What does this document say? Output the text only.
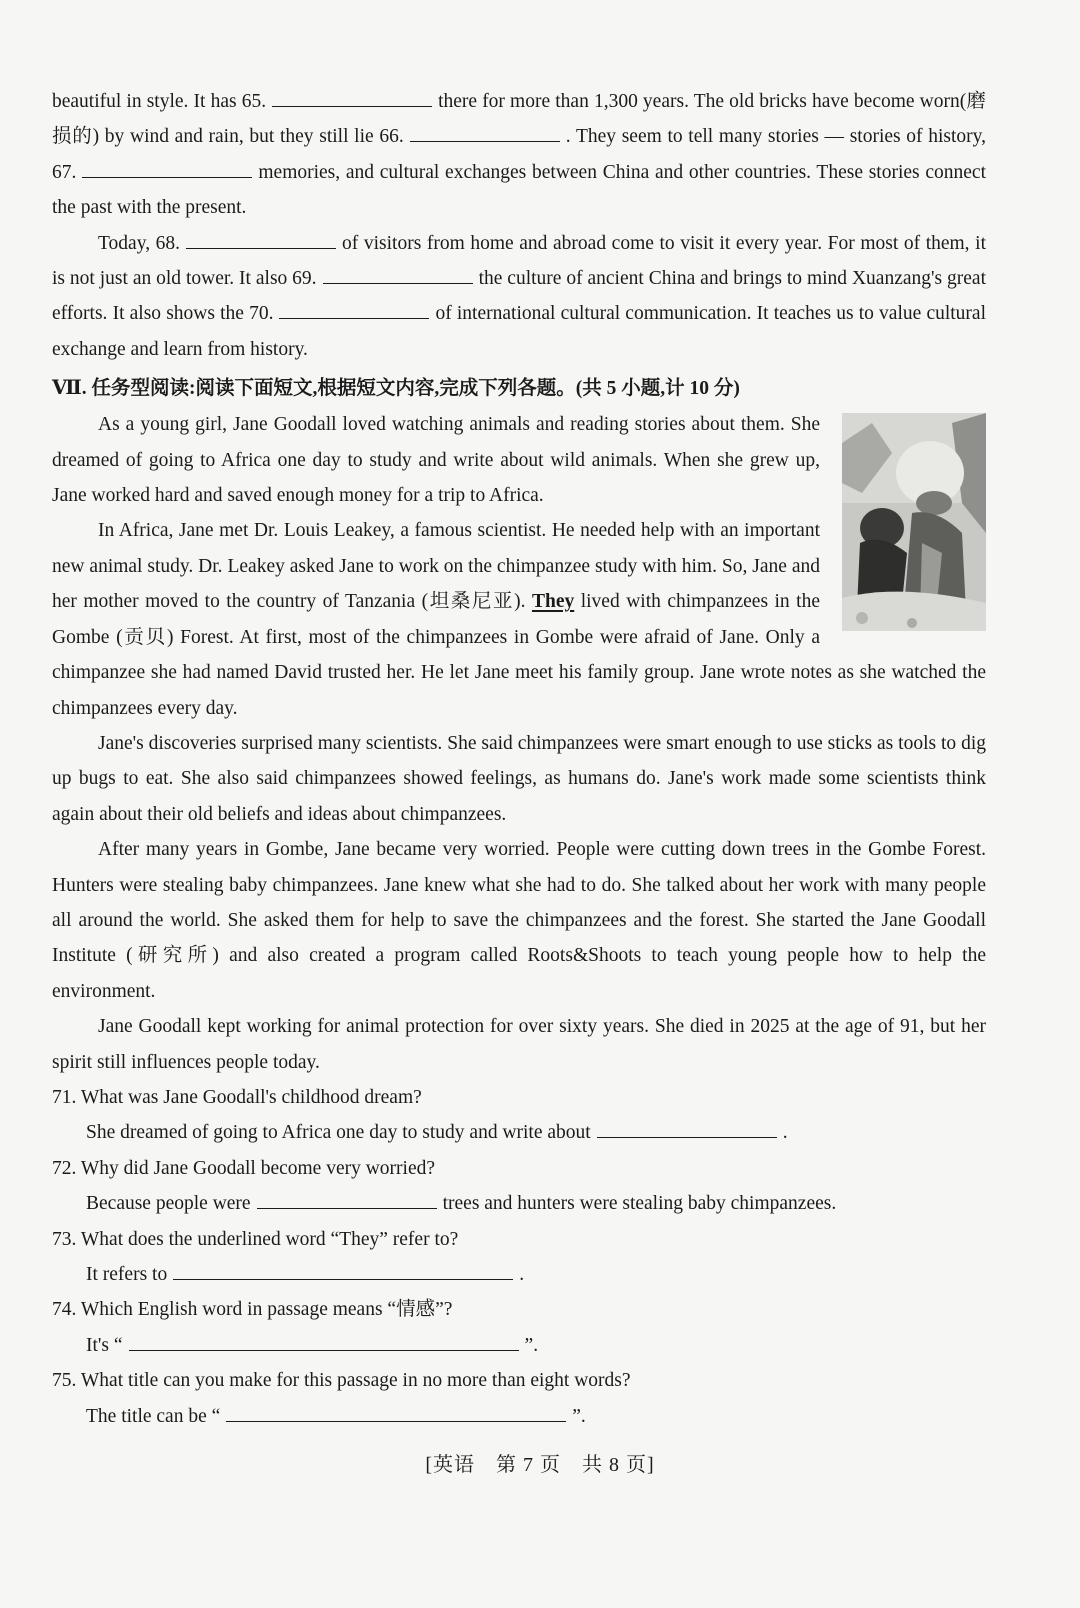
beautiful in style. It has 65.	there for more than 1,300 years. The old bricks have become worn(磨损的) by wind and rain, but they still lie 66.	. They seem to tell many stories — stories of history, 67.	memories, and cultural exchanges between China and other countries. These stories connect the past with the present.

Today, 68.	of visitors from home and abroad come to visit it every year. For most of them, it is not just an old tower. It also 69.	the culture of ancient China and brings to mind Xuanzang's great efforts. It also shows the 70.	of international cultural communication. It teaches us to value cultural exchange and learn from history.

Ⅶ. 任务型阅读:阅读下面短文,根据短文内容,完成下列各题。(共 5 小题,计 10 分)

As a young girl, Jane Goodall loved watching animals and reading stories about them. She dreamed of going to Africa one day to study and write about wild animals. When she grew up, Jane worked hard and saved enough money for a trip to Africa.

In Africa, Jane met Dr. Louis Leakey, a famous scientist. He needed help with an important new animal study. Dr. Leakey asked Jane to work on the chimpanzee study with him. So, Jane and her mother moved to the country of Tanzania (坦桑尼亚). They lived with chimpanzees in the Gombe (贡贝) Forest. At first, most of the chimpanzees in Gombe were afraid of Jane. Only a chimpanzee she had named David trusted her. He let Jane meet his family group. Jane wrote notes as she watched the chimpanzees every day.

Jane's discoveries surprised many scientists. She said chimpanzees were smart enough to use sticks as tools to dig up bugs to eat. She also said chimpanzees showed feelings, as humans do. Jane's work made some scientists think again about their old beliefs and ideas about chimpanzees.

After many years in Gombe, Jane became very worried. People were cutting down trees in the Gombe Forest. Hunters were stealing baby chimpanzees. Jane knew what she had to do. She talked about her work with many people all around the world. She asked them for help to save the chimpanzees and the forest. She started the Jane Goodall Institute (研究所) and also created a program called Roots&Shoots to teach young people how to help the environment.

Jane Goodall kept working for animal protection for over sixty years. She died in 2025 at the age of 91, but her spirit still influences people today.

71. What was Jane Goodall's childhood dream?
She dreamed of going to Africa one day to study and write about	.
72. Why did Jane Goodall become very worried?
Because people were	trees and hunters were stealing baby chimpanzees.
73. What does the underlined word “They” refer to?
It refers to	.
74. Which English word in passage means “情感”?
It's “	”.
75. What title can you make for this passage in no more than eight words?
The title can be “	”.
[英语　第 7 页　共 8 页]
